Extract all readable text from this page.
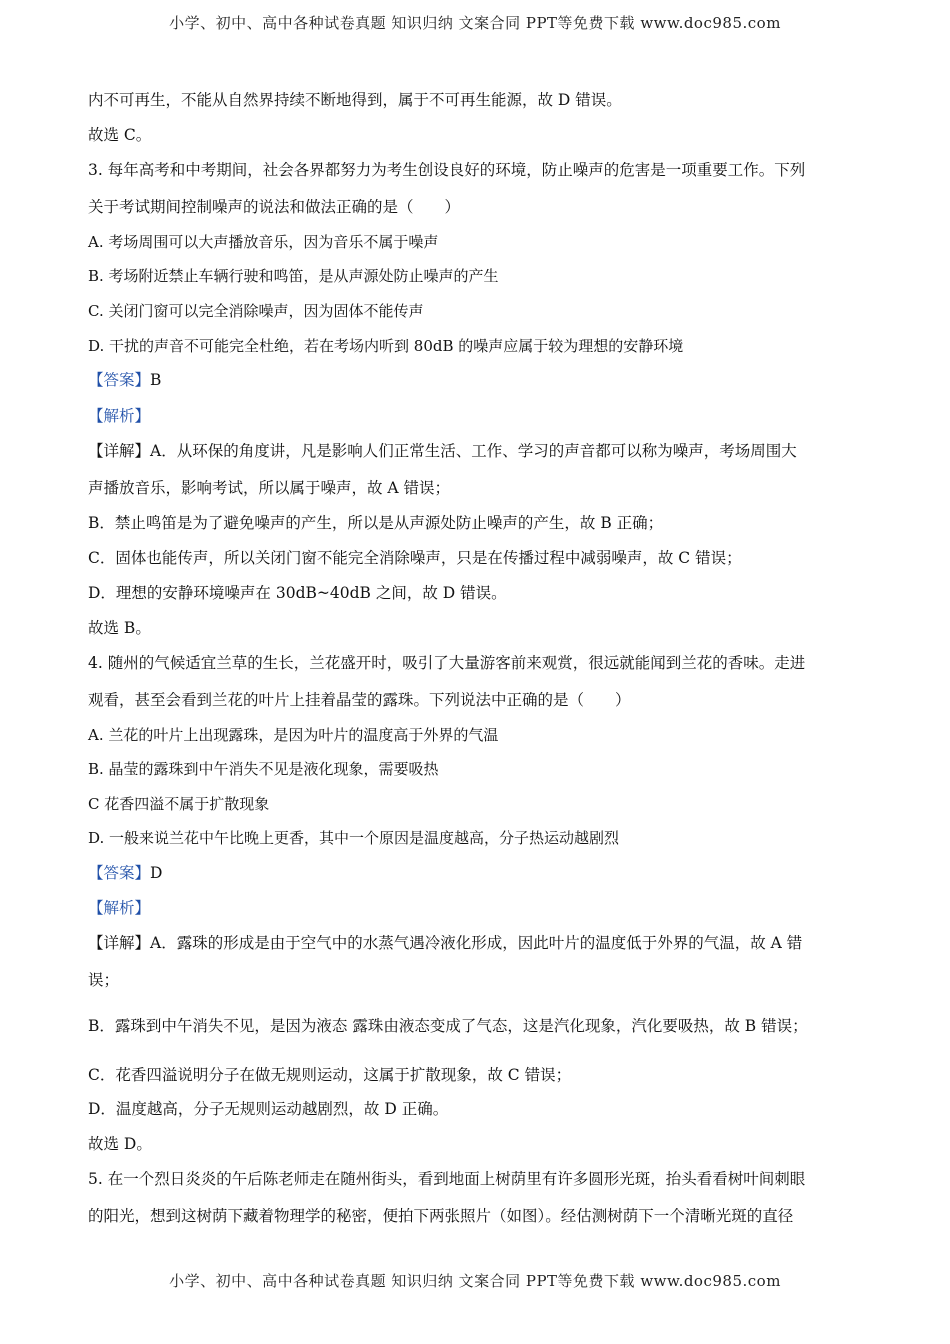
小学、初中、高中各种试卷真题 知识归纳 文案合同 PPT等免费下载 www.doc985.com
内不可再生，不能从自然界持续不断地得到，属于不可再生能源，故 D 错误。
故选 C。
3. 每年高考和中考期间，社会各界都努力为考生创设良好的环境，防止噪声的危害是一项重要工作。下列
关于考试期间控制噪声的说法和做法正确的是（　　）
A. 考场周围可以大声播放音乐，因为音乐不属于噪声
B. 考场附近禁止车辆行驶和鸣笛，是从声源处防止噪声的产生
C. 关闭门窗可以完全消除噪声，因为固体不能传声
D. 干扰的声音不可能完全杜绝，若在考场内听到 80dB 的噪声应属于较为理想的安静环境
【答案】B
【解析】
【详解】A．从环保的角度讲，凡是影响人们正常生活、工作、学习的声音都可以称为噪声，考场周围大
声播放音乐，影响考试，所以属于噪声，故 A 错误；
B．禁止鸣笛是为了避免噪声的产生，所以是从声源处防止噪声的产生，故 B 正确；
C．固体也能传声，所以关闭门窗不能完全消除噪声，只是在传播过程中减弱噪声，故 C 错误；
D．理想的安静环境噪声在 30dB~40dB 之间，故 D 错误。
故选 B。
4. 随州的气候适宜兰草的生长，兰花盛开时，吸引了大量游客前来观赏，很远就能闻到兰花的香味。走进
观看，甚至会看到兰花的叶片上挂着晶莹的露珠。下列说法中正确的是（　　）
A. 兰花的叶片上出现露珠，是因为叶片的温度高于外界的气温
B. 晶莹的露珠到中午消失不见是液化现象，需要吸热
C 花香四溢不属于扩散现象
D. 一般来说兰花中午比晚上更香，其中一个原因是温度越高，分子热运动越剧烈
【答案】D
【解析】
【详解】A．露珠的形成是由于空气中的水蒸气遇冷液化形成，因此叶片的温度低于外界的气温，故 A 错
误；
B．露珠到中午消失不见，是因为液态 露珠由液态变成了气态，这是汽化现象，汽化要吸热，故 B 错误；
C．花香四溢说明分子在做无规则运动，这属于扩散现象，故 C 错误；
D．温度越高，分子无规则运动越剧烈，故 D 正确。
故选 D。
5. 在一个烈日炎炎的午后陈老师走在随州街头，看到地面上树荫里有许多圆形光斑，抬头看看树叶间刺眼
的阳光，想到这树荫下藏着物理学的秘密，便拍下两张照片（如图）。经估测树荫下一个清晰光斑的直径
小学、初中、高中各种试卷真题 知识归纳 文案合同 PPT等免费下载 www.doc985.com
